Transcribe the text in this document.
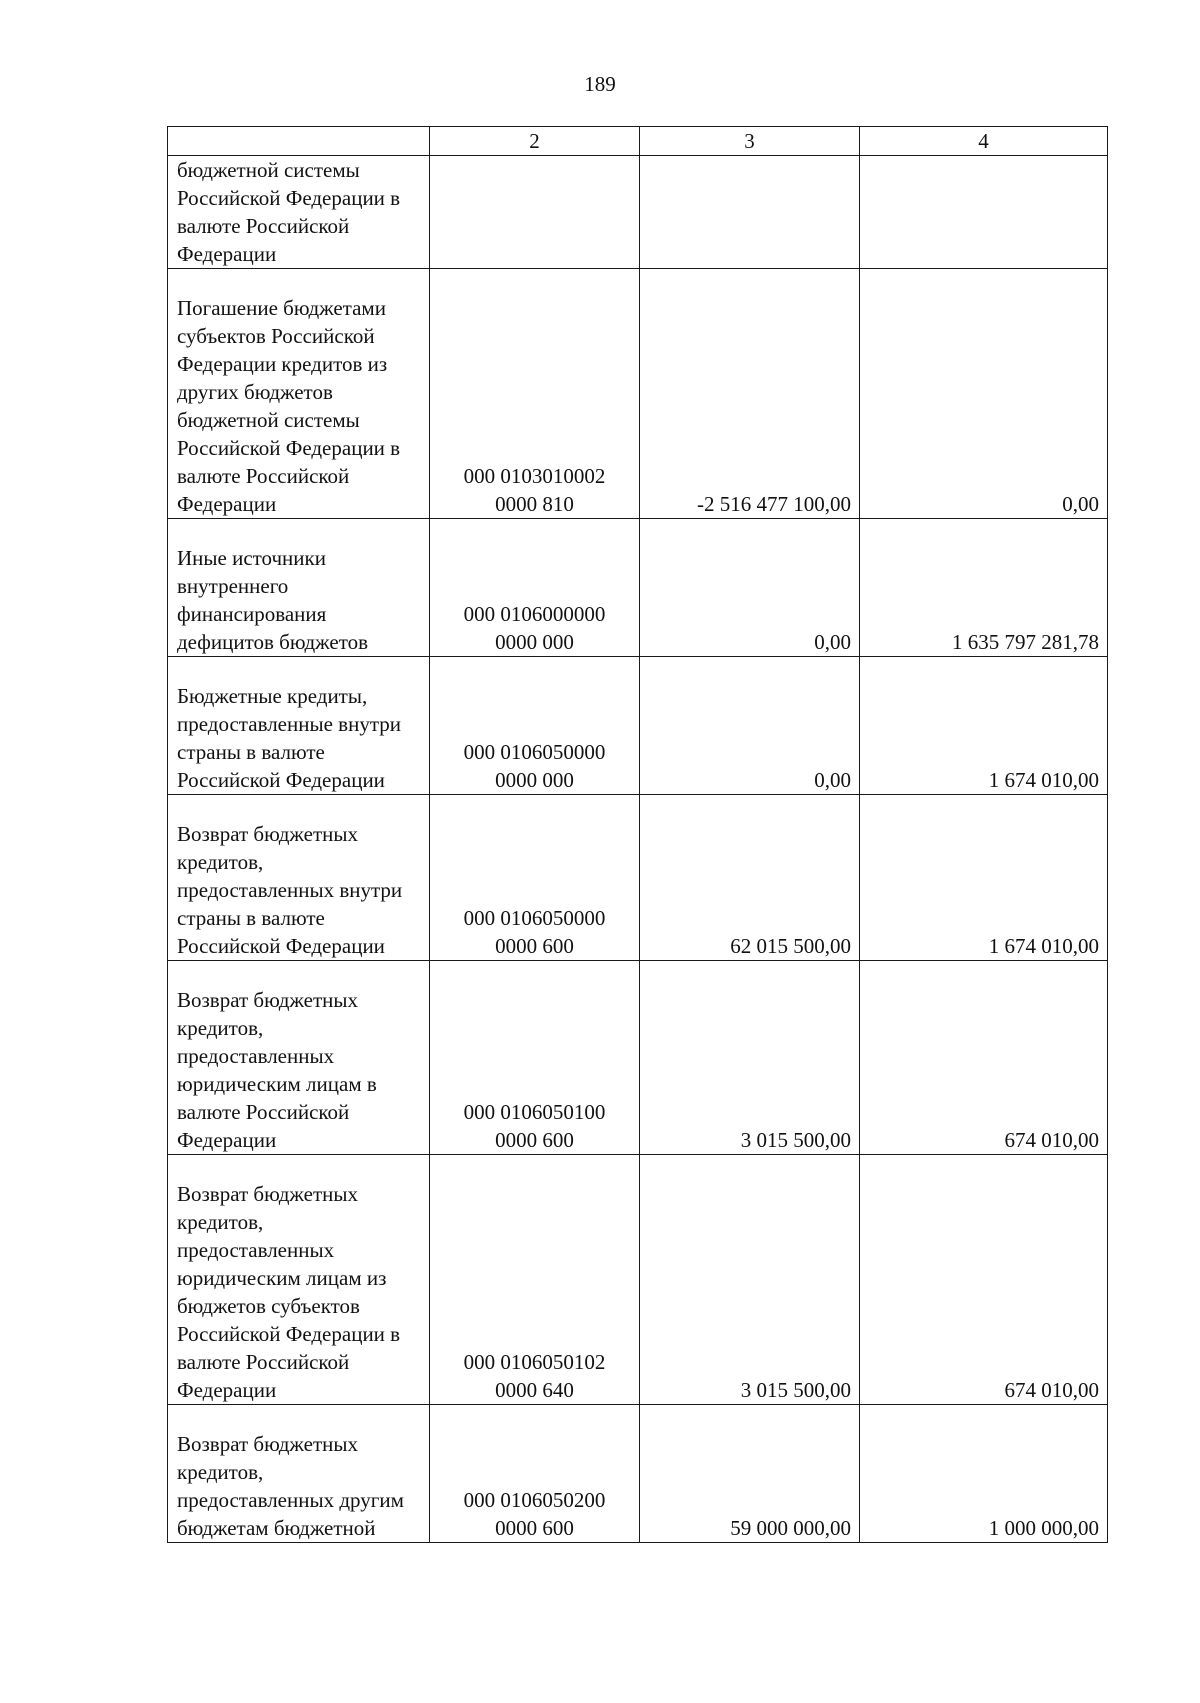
189
	2	3	4
бюджетной системы Российской Федерации в валюте Российской Федерации	

Погашение бюджетами субъектов Российской Федерации кредитов из других бюджетов бюджетной системы Российской Федерации в валюте Российской Федерации	000 0103010002
0000 810	-2 516 477 100,00	0,00
Иные источники внутреннего финансирования дефицитов бюджетов	000 0106000000
0000 000	0,00	1 635 797 281,78
Бюджетные кредиты, предоставленные внутри страны в валюте Российской Федерации	000 0106050000
0000 000	0,00	1 674 010,00
Возврат бюджетных кредитов, предоставленных внутри страны в валюте Российской Федерации	000 0106050000
0000 600	62 015 500,00	1 674 010,00
Возврат бюджетных кредитов, предоставленных юридическим лицам в валюте Российской Федерации	000 0106050100
0000 600	3 015 500,00	674 010,00
Возврат бюджетных кредитов, предоставленных юридическим лицам из бюджетов субъектов Российской Федерации в валюте Российской Федерации	000 0106050102
0000 640	3 015 500,00	674 010,00
Возврат бюджетных кредитов, предоставленных другим бюджетам бюджетной	000 0106050200
0000 600	59 000 000,00	1 000 000,00
